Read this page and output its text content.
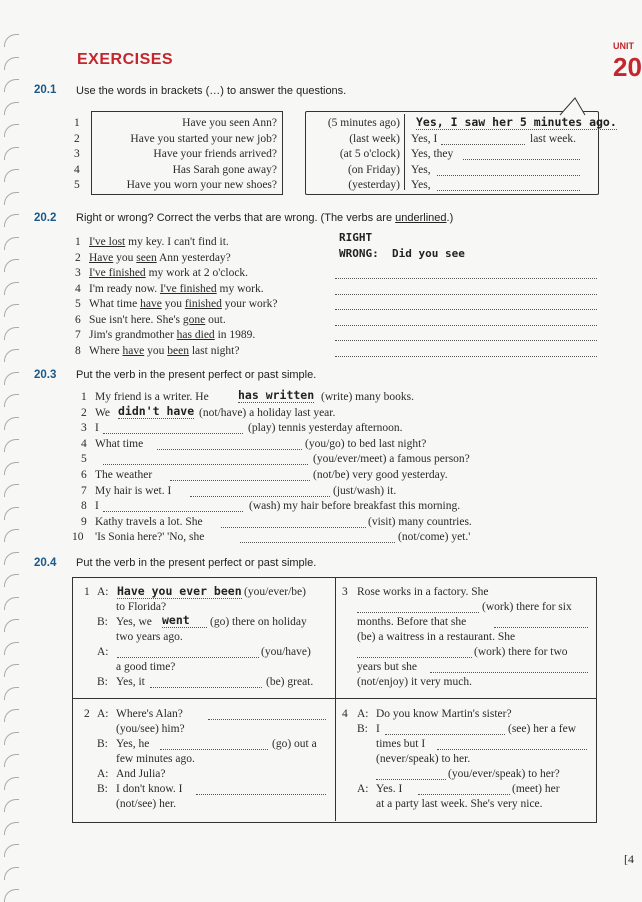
EXERCISES
UNIT
20
20.1 Use the words in brackets (…) to answer the questions.
1	Have you seen Ann?	(5 minutes ago) Yes, I saw her 5 minutes ago.
2	Have you started your new job?	(last week) Yes, I	last week.
3	Have your friends arrived?	(at 5 o'clock) Yes, they
4	Has Sarah gone away?	(on Friday) Yes,
5	Have you worn your new shoes?	(yesterday) Yes,
20.2 Right or wrong? Correct the verbs that are wrong. (The verbs are underlined.)
1 I've lost my key. I can't find it.
2 Have you seen Ann yesterday?
3 I've finished my work at 2 o'clock.
4 I'm ready now. I've finished my work.
5 What time have you finished your work?
6 Sue isn't here. She's gone out.
7 Jim's grandmother has died in 1989.
8 Where have you been last night?
RIGHT
WRONG: Did you see
20.3 Put the verb in the present perfect or past simple.
1 My friend is a writer. He	has written (write) many books.
2 We didn't have (not/have) a holiday last year.
3 I	(play) tennis yesterday afternoon.
4 What time	(you/go) to bed last night?
5	(you/ever/meet) a famous person?
6 The weather	(not/be) very good yesterday.
7 My hair is wet. I	(just/wash) it.
8 I	(wash) my hair before breakfast this morning.
9 Kathy travels a lot. She	(visit) many countries.
10 'Is Sonia here?' 'No, she	(not/come) yet.'
20.4 Put the verb in the present perfect or past simple.
1 A: Have you ever been (you/ever/be)
to Florida?
B: Yes, we went	(go) there on holiday
two years ago.
A:	(you/have)
a good time?
B: Yes, it	(be) great.
3 Rose works in a factory. She
(work) there for six
months. Before that she
(be) a waitress in a restaurant. She
(work) there for two
years but she
(not/enjoy) it very much.
2 A: Where's Alan?
(you/see) him?
B: Yes, he	(go) out a
few minutes ago.
A: And Julia?
B: I don't know. I
(not/see) her.
4 A: Do you know Martin's sister?
B: I	(see) her a few
times but I
(never/speak) to her.
(you/ever/speak) to her?
A: Yes. I	(meet) her
at a party last week. She's very nice.
[4
